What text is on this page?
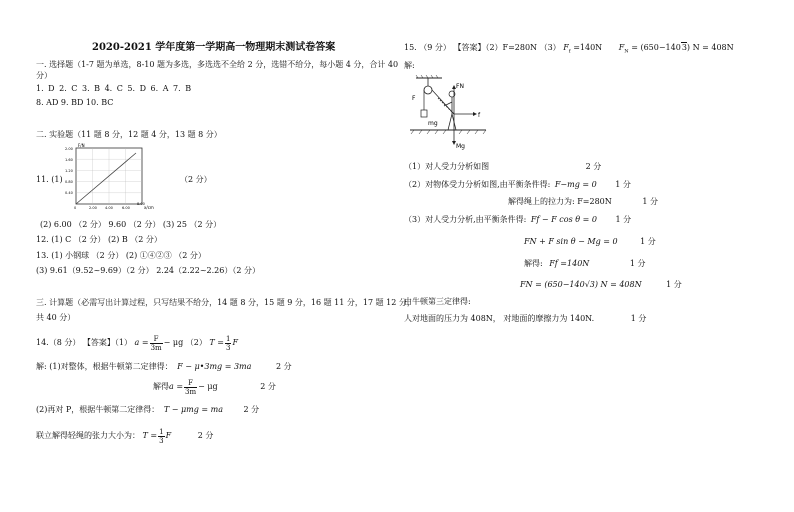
2020-2021 学年度第一学期高一物理期末测试卷答案
一. 选择题（1-7 题为单选，8-10 题为多选，多选选不全给 2 分，选错不给分，每小题 4 分，合计 40
分）
1. D 2. C 3. B 4. C 5. D 6. A 7. B
8. AD 9. BD 10. BC
二. 实验题（11 题 8 分，12 题 4 分，13 题 8 分）
11. (1)
F/N
x/cm
2.00
1.60
1.20
0.80
0.40
0	2.00 4.00	6.00
8.00
（2 分）
(2) 6.00 （2 分） 9.60 （2 分） (3) 25 （2 分）
12. (1) C （2 分） (2) B （2 分）
13. (1) 小钢球 （2 分） (2) ①④②③ （2 分）
(3) 9.61（9.52~9.69）（2 分） 2.24（2.22~2.26）（2 分）
三. 计算题（必需写出计算过程，只写结果不给分，14 题 8 分，15 题 9 分，16 题 11 分，17 题 12 分，
共 40 分）
14.（8 分） 【答案】（1） $a = \frac{F}{3m} - \mu g$ （2） $T = \frac{1}{3}$ F
解: (1)对整体，根据牛顿第二定律得： F − μ•3mg = 3ma	2 分
解得$a = \frac{F}{3m} - \mu g$	2 分
(2)再对 P，根据牛顿第二定律得： T − μmg = ma	2 分
联立解得轻绳的张力大小为： $T = \frac{1}{3}$ F	2 分
15. （9 分） 【答案】（2）F=280N （3） $F_f =140N$ $F_N = (650-1403) N = 408N$
解:
F
FN
mg
f
Mg
（1）对人受力分析如图	2 分
（2）对物体受力分析如图,由平衡条件得: F−mg = 0 1 分
解得绳上的拉力为: F=280N	1 分
（3）对人受力分析,由平衡条件得: Ff − F cos θ = 0 1 分
FN + F sin θ − Mg = 0	1 分
解得: Ff =140N	1 分
FN = (650−140√3) N = 408N	1 分
由牛顿第三定律得:
人对地面的压力为 408N， 对地面的摩擦力为 140N.	1 分
